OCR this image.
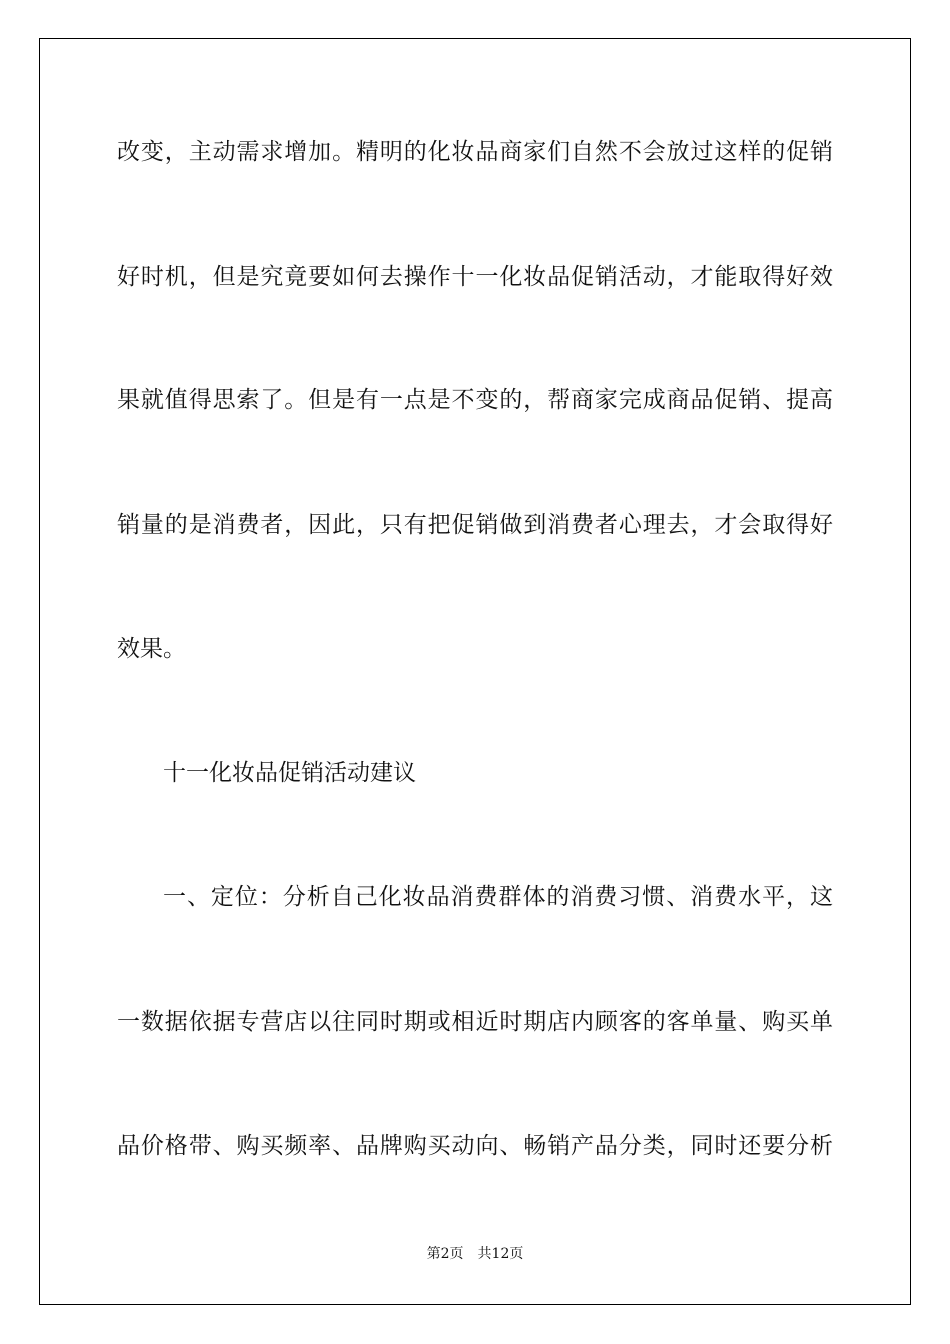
改变，主动需求增加。精明的化妆品商家们自然不会放过这样的促销
好时机，但是究竟要如何去操作十一化妆品促销活动，才能取得好效
果就值得思索了。但是有一点是不变的，帮商家完成商品促销、提高
销量的是消费者，因此，只有把促销做到消费者心理去，才会取得好
效果。
十一化妆品促销活动建议
一、定位：分析自己化妆品消费群体的消费习惯、消费水平，这
一数据依据专营店以往同时期或相近时期店内顾客的客单量、购买单
品价格带、购买频率、品牌购买动向、畅销产品分类，同时还要分析
第2页 共12页
